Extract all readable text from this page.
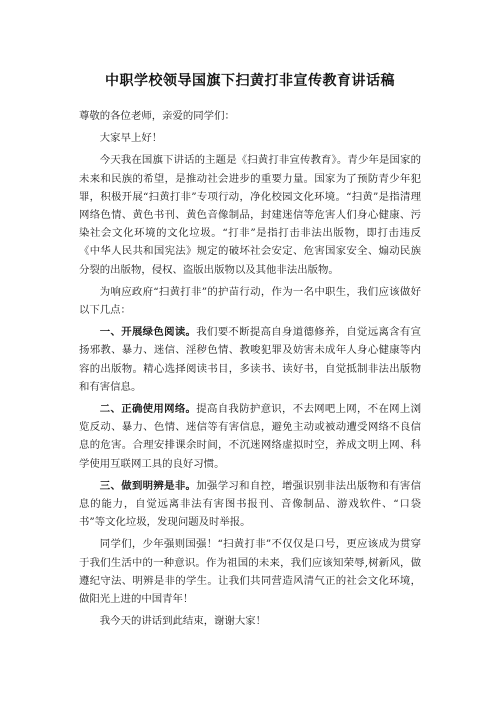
中职学校领导国旗下扫黄打非宣传教育讲话稿

尊敬的各位老师，亲爱的同学们：

大家早上好！

今天我在国旗下讲话的主题是《扫黄打非宣传教育》。青少年是国家的未来和民族的希望，是推动社会进步的重要力量。国家为了预防青少年犯罪，积极开展“扫黄打非”专项行动，净化校园文化环境。“扫黄”是指清理网络色情、黄色书刊、黄色音像制品，封建迷信等危害人们身心健康、污染社会文化环境的文化垃圾。“打非”是指打击非法出版物，即打击违反《中华人民共和国宪法》规定的破坏社会安定、危害国家安全、煽动民族分裂的出版物，侵权、盗版出版物以及其他非法出版物。

为响应政府“扫黄打非”的护苗行动，作为一名中职生，我们应该做好以下几点：

一、开展绿色阅读。我们要不断提高自身道德修养，自觉远离含有宣扬邪教、暴力、迷信、淫秽色情、教唆犯罪及妨害未成年人身心健康等内容的出版物。精心选择阅读书目，多读书、读好书，自觉抵制非法出版物和有害信息。

二、正确使用网络。提高自我防护意识，不去网吧上网，不在网上浏览反动、暴力、色情、迷信等有害信息，避免主动或被动遭受网络不良信息的危害。合理安排课余时间，不沉迷网络虚拟时空，养成文明上网、科学使用互联网工具的良好习惯。

三、做到明辨是非。加强学习和自控，增强识别非法出版物和有害信息的能力，自觉远离非法有害图书报刊、音像制品、游戏软件、“口袋书”等文化垃圾，发现问题及时举报。

同学们，少年强则国强！“扫黄打非”不仅仅是口号，更应该成为贯穿于我们生活中的一种意识。作为祖国的未来，我们应该知荣辱,树新风，做遵纪守法、明辨是非的学生。让我们共同营造风清气正的社会文化环境，做阳光上进的中国青年！

我今天的讲话到此结束，谢谢大家！
